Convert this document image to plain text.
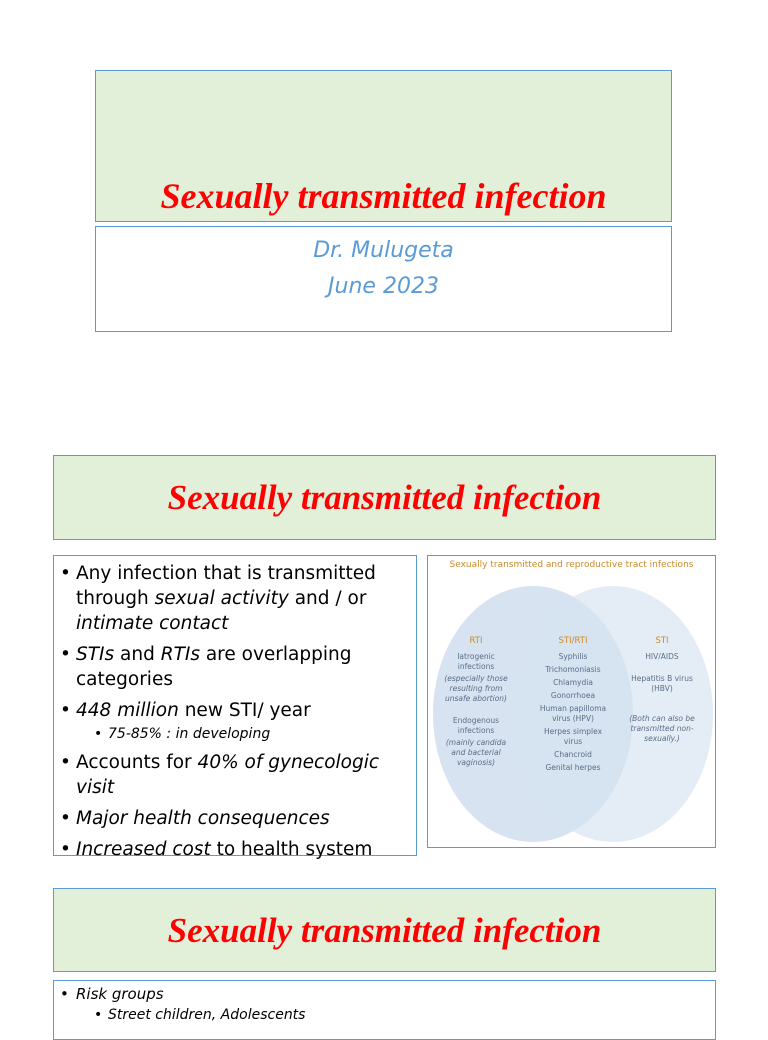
Sexually transmitted infection
Dr. Mulugeta
June 2023
Sexually transmitted infection
• Any infection that is transmitted through sexual activity and / or intimate contact
• STIs and RTIs are overlapping categories
• 448 million new STI/ year
• 75-85% : in developing
• Accounts for 40% of gynecologic visit
• Major health consequences
• Increased cost to health system
Sexually transmitted and reproductive tract infections
RTI
Iatrogenic infections
(especially those resulting from unsafe abortion)
Endogenous infections
(mainly candida and bacterial vaginosis)
STI/RTI
Syphilis
Trichomoniasis
Chlamydia
Gonorrhoea
Human papilloma virus (HPV)
Herpes simplex virus
Chancroid
Genital herpes
STI
HIV/AIDS
Hepatitis B virus (HBV)
(Both can also be transmitted non-sexually.)
Sexually transmitted infection
• Risk groups
• Street children, Adolescents
